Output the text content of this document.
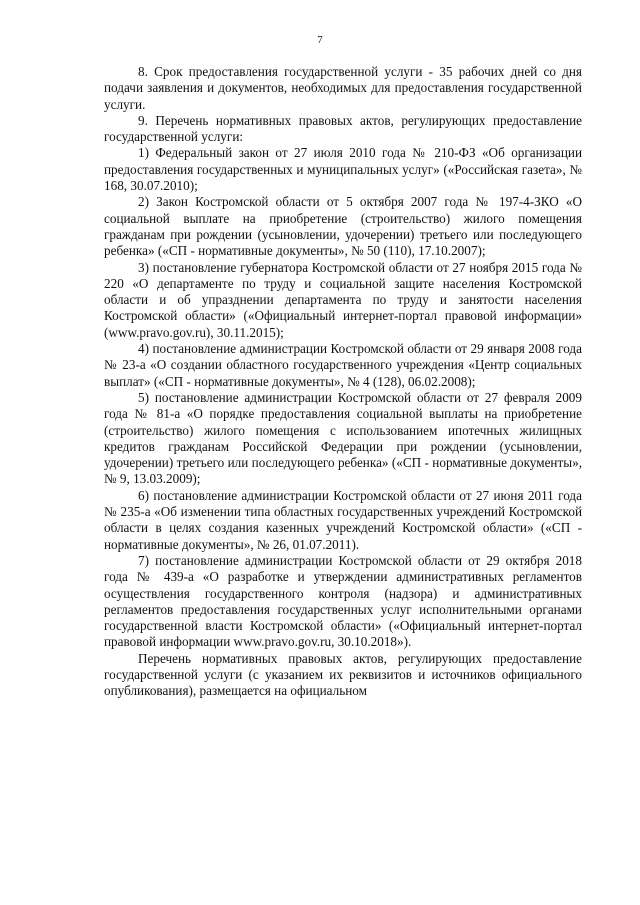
7

8. Срок предоставления государственной услуги - 35 рабочих дней со дня подачи заявления и документов, необходимых для предоставления государственной услуги.

9. Перечень нормативных правовых актов, регулирующих предоставление государственной услуги:

1) Федеральный закон от 27 июля 2010 года № 210-ФЗ «Об организации предоставления государственных и муниципальных услуг» («Российская газета», № 168, 30.07.2010);

2) Закон Костромской области от 5 октября 2007 года № 197-4-ЗКО «О социальной выплате на приобретение (строительство) жилого помещения гражданам при рождении (усыновлении, удочерении) третьего или последующего ребенка» («СП - нормативные документы», № 50 (110), 17.10.2007);

3) постановление губернатора Костромской области от 27 ноября 2015 года № 220 «О департаменте по труду и социальной защите населения Костромской области и об упразднении департамента по труду и занятости населения Костромской области» («Официальный интернет-портал правовой информации» (www.pravo.gov.ru), 30.11.2015);

4) постановление администрации Костромской области от 29 января 2008 года № 23-а «О создании областного государственного учреждения «Центр социальных выплат» («СП - нормативные документы», № 4 (128), 06.02.2008);

5) постановление администрации Костромской области от 27 февраля 2009 года № 81-а «О порядке предоставления социальной выплаты на приобретение (строительство) жилого помещения с использованием ипотечных жилищных кредитов гражданам Российской Федерации при рождении (усыновлении, удочерении) третьего или последующего ребенка» («СП - нормативные документы», № 9, 13.03.2009);

6) постановление администрации Костромской области от 27 июня 2011 года № 235-а «Об изменении типа областных государственных учреждений Костромской области в целях создания казенных учреждений Костромской области» («СП - нормативные документы», № 26, 01.07.2011).

7) постановление администрации Костромской области от 29 октября 2018 года № 439-а «О разработке и утверждении административных регламентов осуществления государственного контроля (надзора) и административных регламентов предоставления государственных услуг исполнительными органами государственной власти Костромской области» («Официальный интернет-портал правовой информации www.pravo.gov.ru, 30.10.2018»).

Перечень нормативных правовых актов, регулирующих предоставление государственной услуги (с указанием их реквизитов и источников официального опубликования), размещается на официальном
